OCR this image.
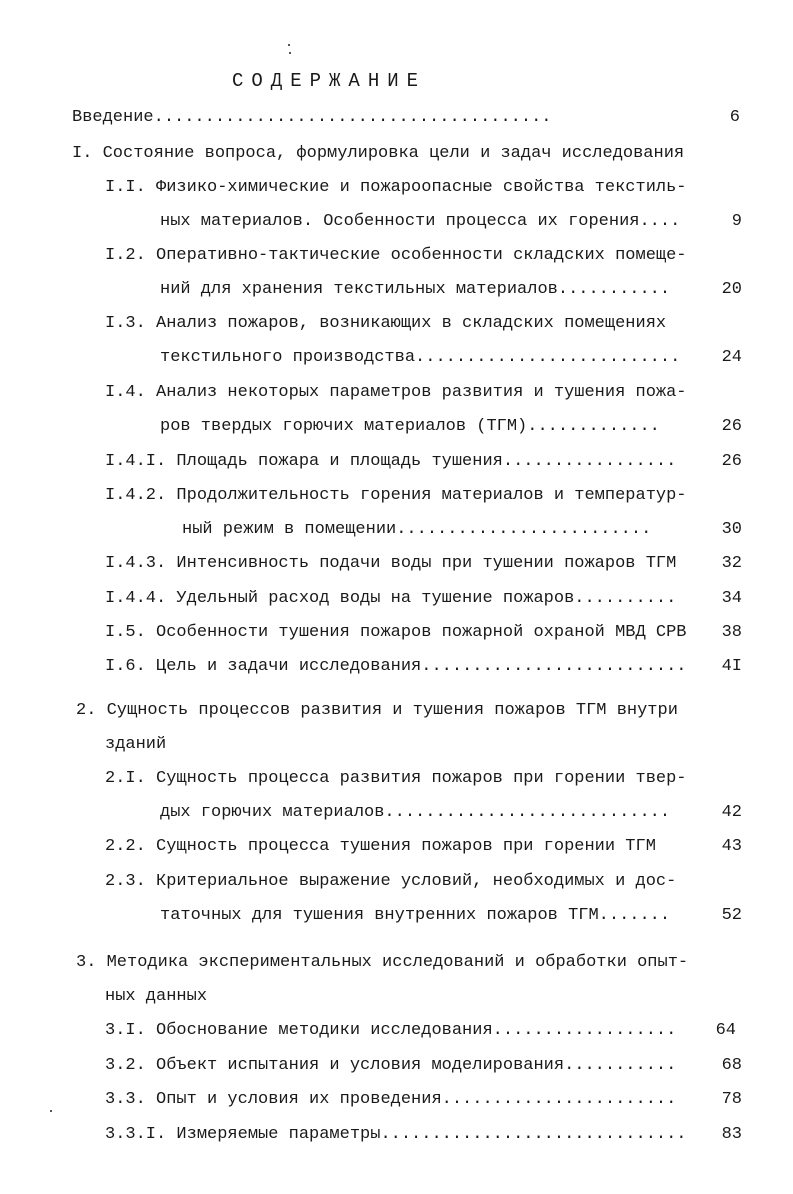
СОДЕРЖАНИЕ
Введение.......................................	6
I. Состояние вопроса, формулировка цели и задач исследования
I.I. Физико-химические и пожароопасные свойства текстиль-
ных материалов. Особенности процесса их горения....	9
I.2. Оперативно-тактические особенности складских помеще-
ний для хранения текстильных материалов...........	20
I.3. Анализ пожаров, возникающих в складских помещениях
текстильного производства..........................	24
I.4. Анализ некоторых параметров развития и тушения пожа-
ров твердых горючих материалов (ТГМ).............	26
I.4.I. Площадь пожара и площадь тушения.................	26
I.4.2. Продолжительность горения материалов и температур-
ный режим в помещении.........................	30
I.4.3. Интенсивность подачи воды при тушении пожаров ТГМ	32
I.4.4. Удельный расход воды на тушение пожаров..........	34
I.5. Особенности тушения пожаров пожарной охраной МВД СРВ	38
I.6. Цель и задачи исследования..........................	4I
2. Сущность процессов развития и тушения пожаров ТГМ внутри
зданий
2.I. Сущность процесса развития пожаров при горении твер-
дых горючих материалов............................	42
2.2. Сущность процесса тушения пожаров при горении ТГМ	43
2.3. Критериальное выражение условий, необходимых и дос-
таточных для тушения внутренних пожаров ТГМ.......	52
3. Методика экспериментальных исследований и обработки опыт-
ных данных
3.I. Обоснование методики исследования..................	64
3.2. Объект испытания и условия моделирования...........	68
3.3. Опыт и условия их проведения.......................	78
3.3.I. Измеряемые параметры..............................	83
